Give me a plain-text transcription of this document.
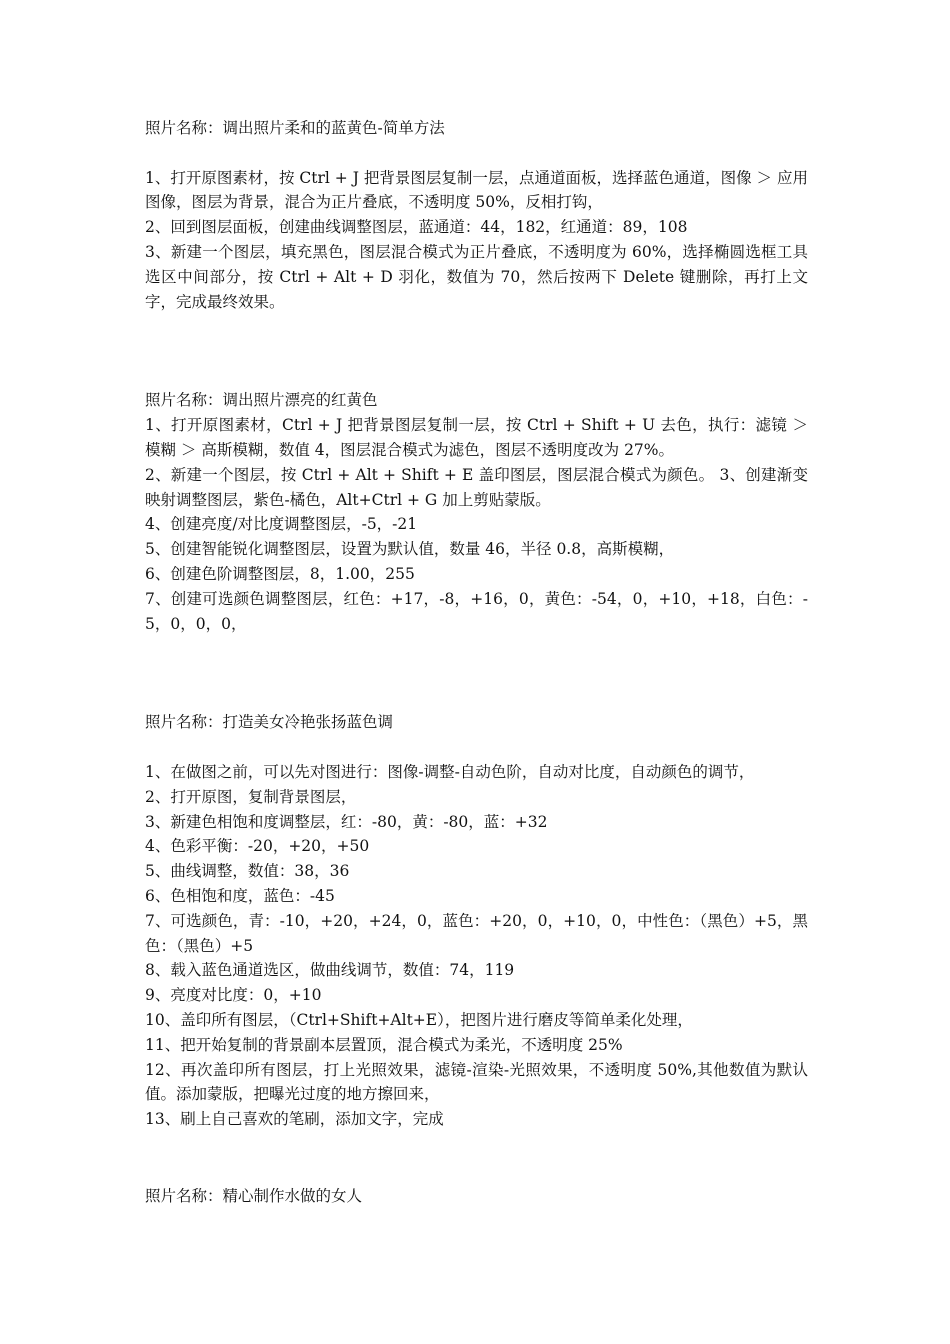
照片名称：调出照片柔和的蓝黄色-简单方法

1、打开原图素材，按 Ctrl + J 把背景图层复制一层，点通道面板，选择蓝色通道，图像 ＞ 应用图像，图层为背景，混合为正片叠底，不透明度 50%，反相打钩，

2、回到图层面板，创建曲线调整图层，蓝通道：44，182，红通道：89，108

3、新建一个图层，填充黑色，图层混合模式为正片叠底，不透明度为 60%，选择椭圆选框工具选区中间部分，按 Ctrl + Alt + D 羽化，数值为 70，然后按两下 Delete 键删除，再打上文字，完成最终效果。

照片名称：调出照片漂亮的红黄色

1、打开原图素材，Ctrl + J 把背景图层复制一层，按 Ctrl + Shift + U 去色，执行：滤镜 ＞ 模糊 ＞ 高斯模糊，数值 4，图层混合模式为滤色，图层不透明度改为 27%。

2、新建一个图层，按 Ctrl + Alt + Shift + E 盖印图层，图层混合模式为颜色。 3、创建渐变映射调整图层，紫色-橘色，Alt+Ctrl + G 加上剪贴蒙版。

4、创建亮度/对比度调整图层，-5，-21

5、创建智能锐化调整图层，设置为默认值，数量 46，半径 0.8，高斯模糊，

6、创建色阶调整图层，8，1.00，255

7、创建可选颜色调整图层，红色：+17，-8，+16，0，黄色：-54，0，+10，+18，白色：-5，0，0，0，

照片名称：打造美女冷艳张扬蓝色调

1、在做图之前，可以先对图进行：图像-调整-自动色阶，自动对比度，自动颜色的调节，

2、打开原图，复制背景图层，

3、新建色相饱和度调整层，红：-80，黄：-80，蓝：+32

4、色彩平衡：-20，+20，+50

5、曲线调整，数值：38，36

6、色相饱和度，蓝色：-45

7、可选颜色，青：-10，+20，+24，0，蓝色：+20，0，+10，0，中性色：（黑色）+5，黑色：（黑色）+5

8、载入蓝色通道选区，做曲线调节，数值：74，119

9、亮度对比度：0，+10

10、盖印所有图层，（Ctrl+Shift+Alt+E），把图片进行磨皮等简单柔化处理，

11、把开始复制的背景副本层置顶，混合模式为柔光，不透明度 25%

12、再次盖印所有图层，打上光照效果，滤镜-渲染-光照效果，不透明度 50%,其他数值为默认值。添加蒙版，把曝光过度的地方擦回来，

13、刷上自己喜欢的笔刷，添加文字，完成

照片名称：精心制作水做的女人
